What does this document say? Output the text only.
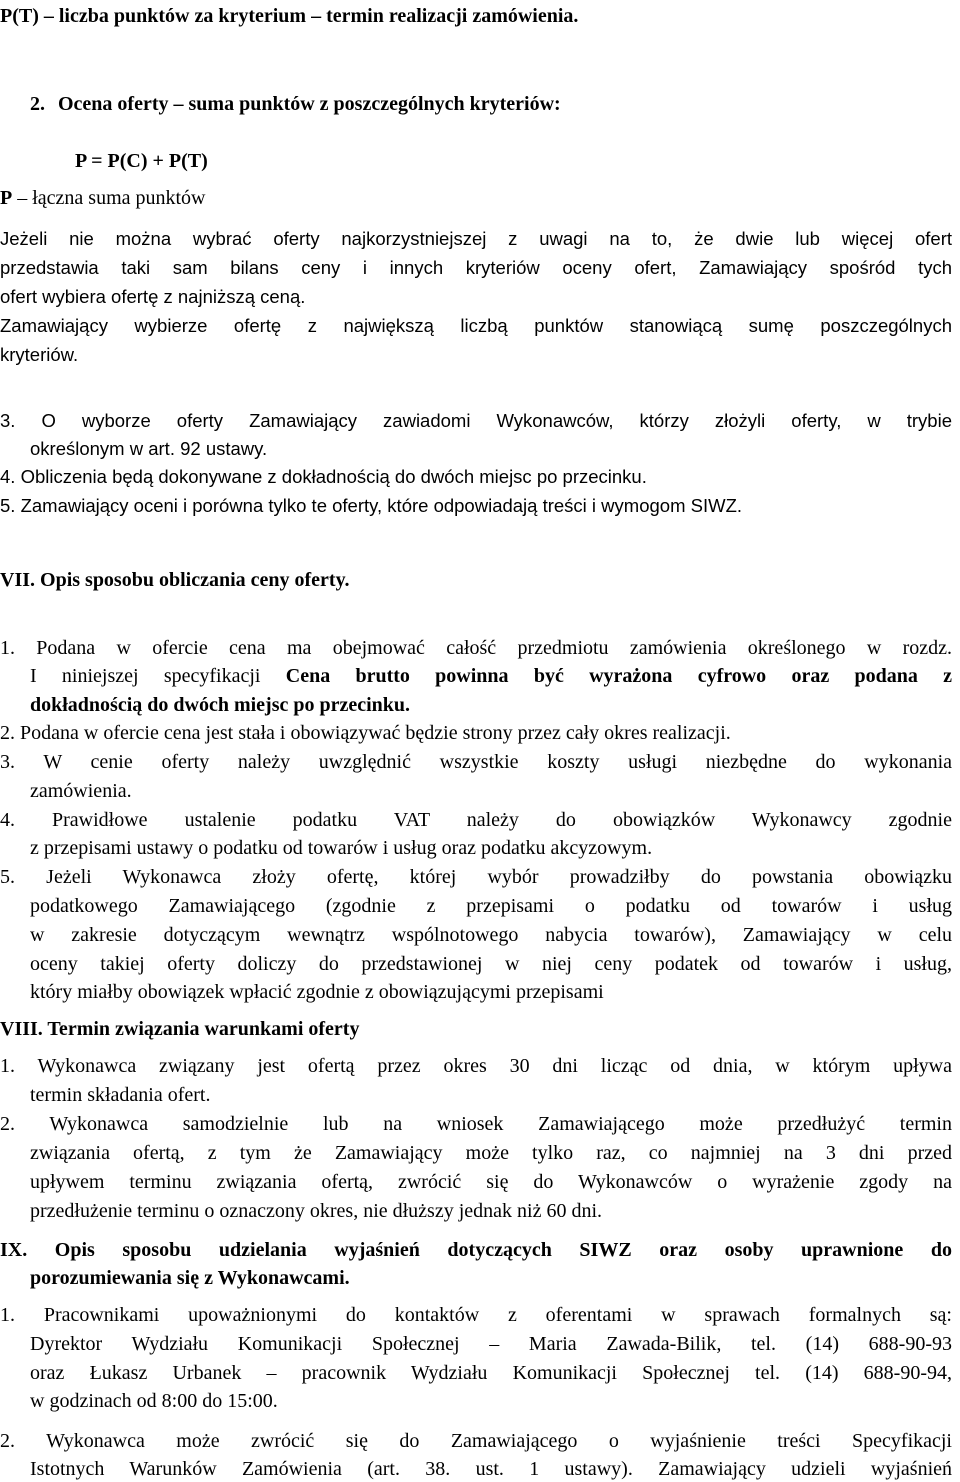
P(T) – liczba punktów za kryterium – termin realizacji zamówienia.
2. Ocena oferty – suma punktów z poszczególnych kryteriów:
P = P(C) + P(T)
P – łączna suma punktów
Jeżeli nie można wybrać oferty najkorzystniejszej z uwagi na to, że dwie lub więcej ofert
przedstawia taki sam bilans ceny i innych kryteriów oceny ofert, Zamawiający spośród tych
ofert wybiera ofertę z najniższą ceną.
Zamawiający wybierze ofertę z największą liczbą punktów stanowiącą sumę poszczególnych
kryteriów.
3. O wyborze oferty Zamawiający zawiadomi Wykonawców, którzy złożyli oferty, w trybie
określonym w art. 92 ustawy.
4. Obliczenia będą dokonywane z dokładnością do dwóch miejsc po przecinku.
5. Zamawiający oceni i porówna tylko te oferty, które odpowiadają treści i wymogom SIWZ.
VII. Opis sposobu obliczania ceny oferty.
1. Podana w ofercie cena ma obejmować całość przedmiotu zamówienia określonego w rozdz.
I niniejszej specyfikacji Cena brutto powinna być wyrażona cyfrowo oraz podana z
dokładnością do dwóch miejsc po przecinku.
2. Podana w ofercie cena jest stała i obowiązywać będzie strony przez cały okres realizacji.
3. W cenie oferty należy uwzględnić wszystkie koszty usługi niezbędne do wykonania
zamówienia.
4. Prawidłowe ustalenie podatku VAT należy do obowiązków Wykonawcy zgodnie
z przepisami ustawy o podatku od towarów i usług oraz podatku akcyzowym.
5. Jeżeli Wykonawca złoży ofertę, której wybór prowadziłby do powstania obowiązku
podatkowego Zamawiającego (zgodnie z przepisami o podatku od towarów i usług
w zakresie dotyczącym wewnątrz wspólnotowego nabycia towarów), Zamawiający w celu
oceny takiej oferty doliczy do przedstawionej w niej ceny podatek od towarów i usług,
który miałby obowiązek wpłacić zgodnie z obowiązującymi przepisami
VIII. Termin związania warunkami oferty
1. Wykonawca związany jest ofertą przez okres 30 dni licząc od dnia, w którym upływa
termin składania ofert.
2. Wykonawca samodzielnie lub na wniosek Zamawiającego może przedłużyć termin
związania ofertą, z tym że Zamawiający może tylko raz, co najmniej na 3 dni przed
upływem terminu związania ofertą, zwrócić się do Wykonawców o wyrażenie zgody na
przedłużenie terminu o oznaczony okres, nie dłuższy jednak niż 60 dni.
IX. Opis sposobu udzielania wyjaśnień dotyczących SIWZ oraz osoby uprawnione do
porozumiewania się z Wykonawcami.
1. Pracownikami upoważnionymi do kontaktów z oferentami w sprawach formalnych są:
Dyrektor Wydziału Komunikacji Społecznej – Maria Zawada-Bilik, tel. (14) 688-90-93
oraz Łukasz Urbanek – pracownik Wydziału Komunikacji Społecznej tel. (14) 688-90-94,
w godzinach od 8:00 do 15:00.
2. Wykonawca może zwrócić się do Zamawiającego o wyjaśnienie treści Specyfikacji
Istotnych Warunków Zamówienia (art. 38. ust. 1 ustawy). Zamawiający udzieli wyjaśnień
